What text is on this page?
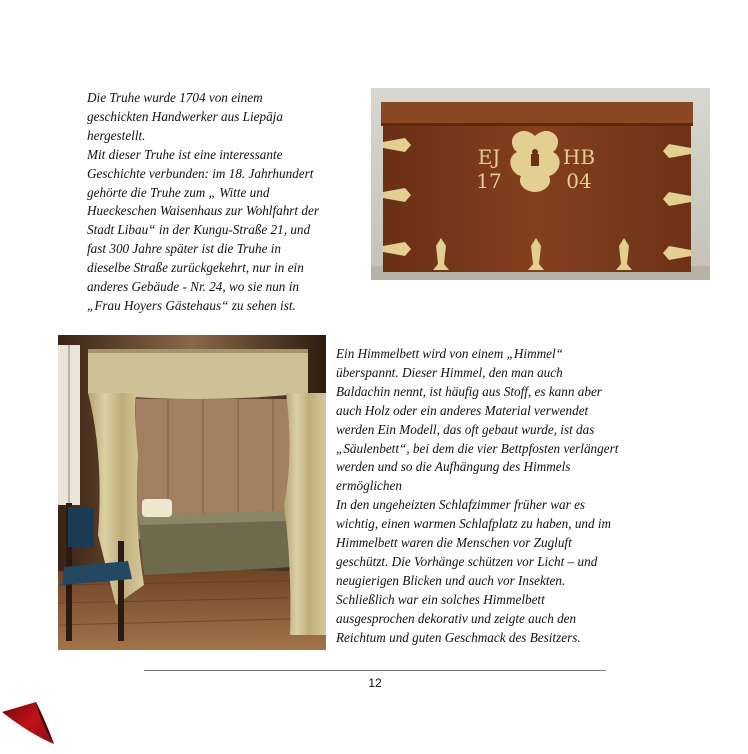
Die Truhe wurde 1704 von einem
geschickten Handwerker aus Liepāja
hergestellt.
Mit dieser Truhe ist eine interessante
Geschichte verbunden: im 18. Jahrhundert
gehörte die Truhe zum „ Witte und
Hueckeschen Waisenhaus zur Wohlfahrt der
Stadt Libau“ in der Kungu-Straße 21, und
fast 300 Jahre später ist die Truhe in
dieselbe Straße zurückgekehrt, nur in ein
anderes Gebäude - Nr. 24, wo sie nun in
„Frau Hoyers Gästehaus“ zu sehen ist.
EJ	HB
17	04
Ein Himmelbett wird von einem „Himmel“
überspannt. Dieser Himmel, den man auch
Baldachin nennt, ist häufig aus Stoff, es kann aber
auch Holz oder ein anderes Material verwendet
werden Ein Modell, das oft gebaut wurde, ist das
„Säulenbett“, bei dem die vier Bettpfosten verlängert
werden und so die Aufhängung des Himmels
ermöglichen
In den ungeheizten Schlafzimmer früher war es
wichtig, einen warmen Schlafplatz zu haben, und im
Himmelbett waren die Menschen vor Zugluft
geschützt. Die Vorhänge schützen vor Licht – und
neugierigen Blicken und auch vor Insekten.
Schließlich war ein solches Himmelbett
ausgesprochen dekorativ und zeigte auch den
Reichtum und guten Geschmack des Besitzers.
12
